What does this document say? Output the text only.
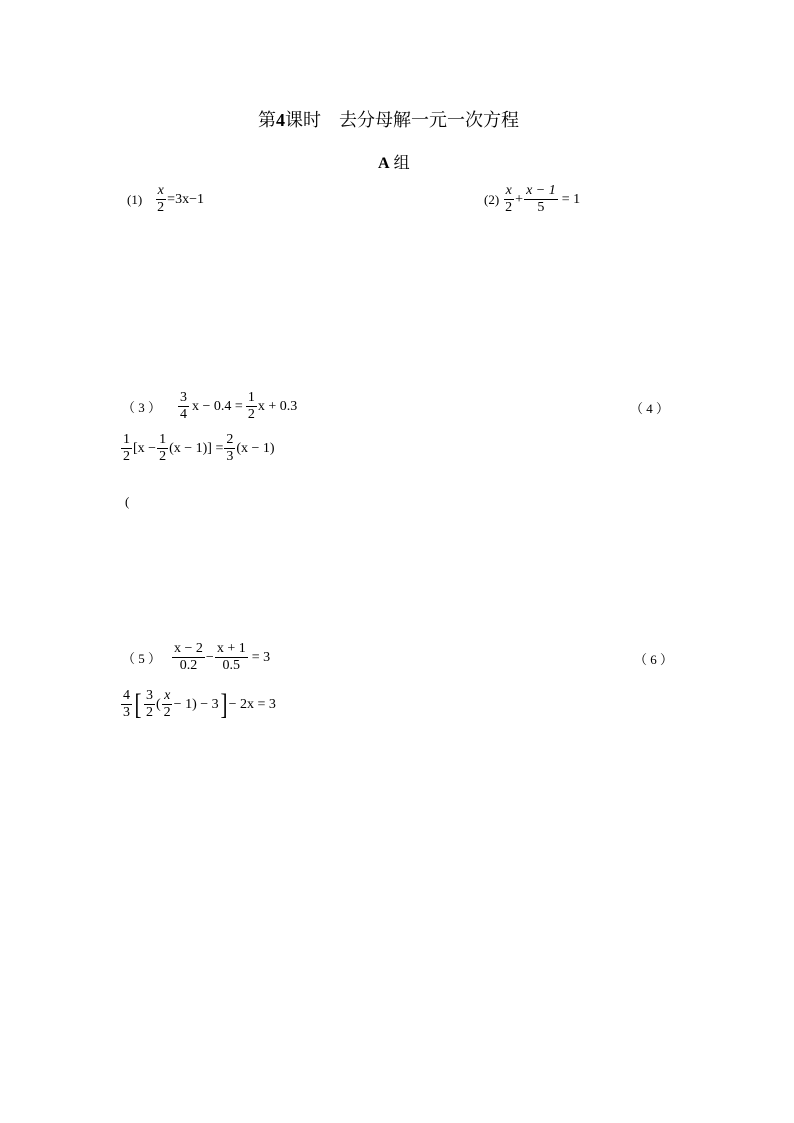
第4课时 去分母解一元一次方程
A 组
$(1) \frac{x}{2} =3x-1$	$(2) \frac{x}{2} + \frac{x - 1}{5} = 1$
（ 3 ） $\frac{3}{4}$ $x - 0.4 = \frac{1}{2}$ x + 0.3	（ 4 ）
$\frac{1}{2} [x - \frac{1}{2} (x - 1)] = \frac{2}{3} (x - 1)$
(
（ 5 ） $\frac{x - 2}{0.2} - \frac{x + 1}{0.5} = 3$	（ 6 ）
$\frac{4}{3}$ [ $\frac{3}{2}$ ( $\frac{x}{2} - 1) - 3$ ] − 2x = 3
